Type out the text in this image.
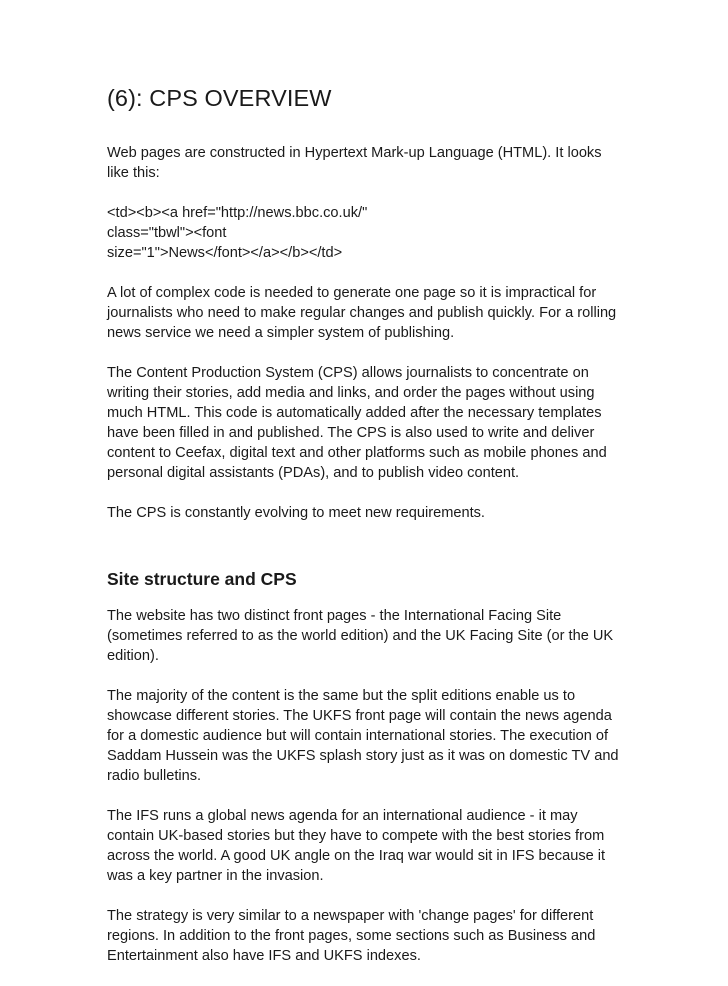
(6): CPS OVERVIEW

Web pages are constructed in Hypertext Mark-up Language (HTML). It looks like this:

<td><b><a href="http://news.bbc.co.uk/"
class="tbwl"><font
size="1">News</font></a></b></td>

A lot of complex code is needed to generate one page so it is impractical for journalists who need to make regular changes and publish quickly. For a rolling news service we need a simpler system of publishing.

The Content Production System (CPS) allows journalists to concentrate on writing their stories, add media and links, and order the pages without using much HTML. This code is automatically added after the necessary templates have been filled in and published. The CPS is also used to write and deliver content to Ceefax, digital text and other platforms such as mobile phones and personal digital assistants (PDAs), and to publish video content.

The CPS is constantly evolving to meet new requirements.

Site structure and CPS

The website has two distinct front pages - the International Facing Site (sometimes referred to as the world edition) and the UK Facing Site (or the UK edition).

The majority of the content is the same but the split editions enable us to showcase different stories. The UKFS front page will contain the news agenda for a domestic audience but will contain international stories. The execution of Saddam Hussein was the UKFS splash story just as it was on domestic TV and radio bulletins.

The IFS runs a global news agenda for an international audience - it may contain UK-based stories but they have to compete with the best stories from across the world. A good UK angle on the Iraq war would sit in IFS because it was a key partner in the invasion.

The strategy is very similar to a newspaper with 'change pages' for different regions. In addition to the front pages, some sections such as Business and Entertainment also have IFS and UKFS indexes.
